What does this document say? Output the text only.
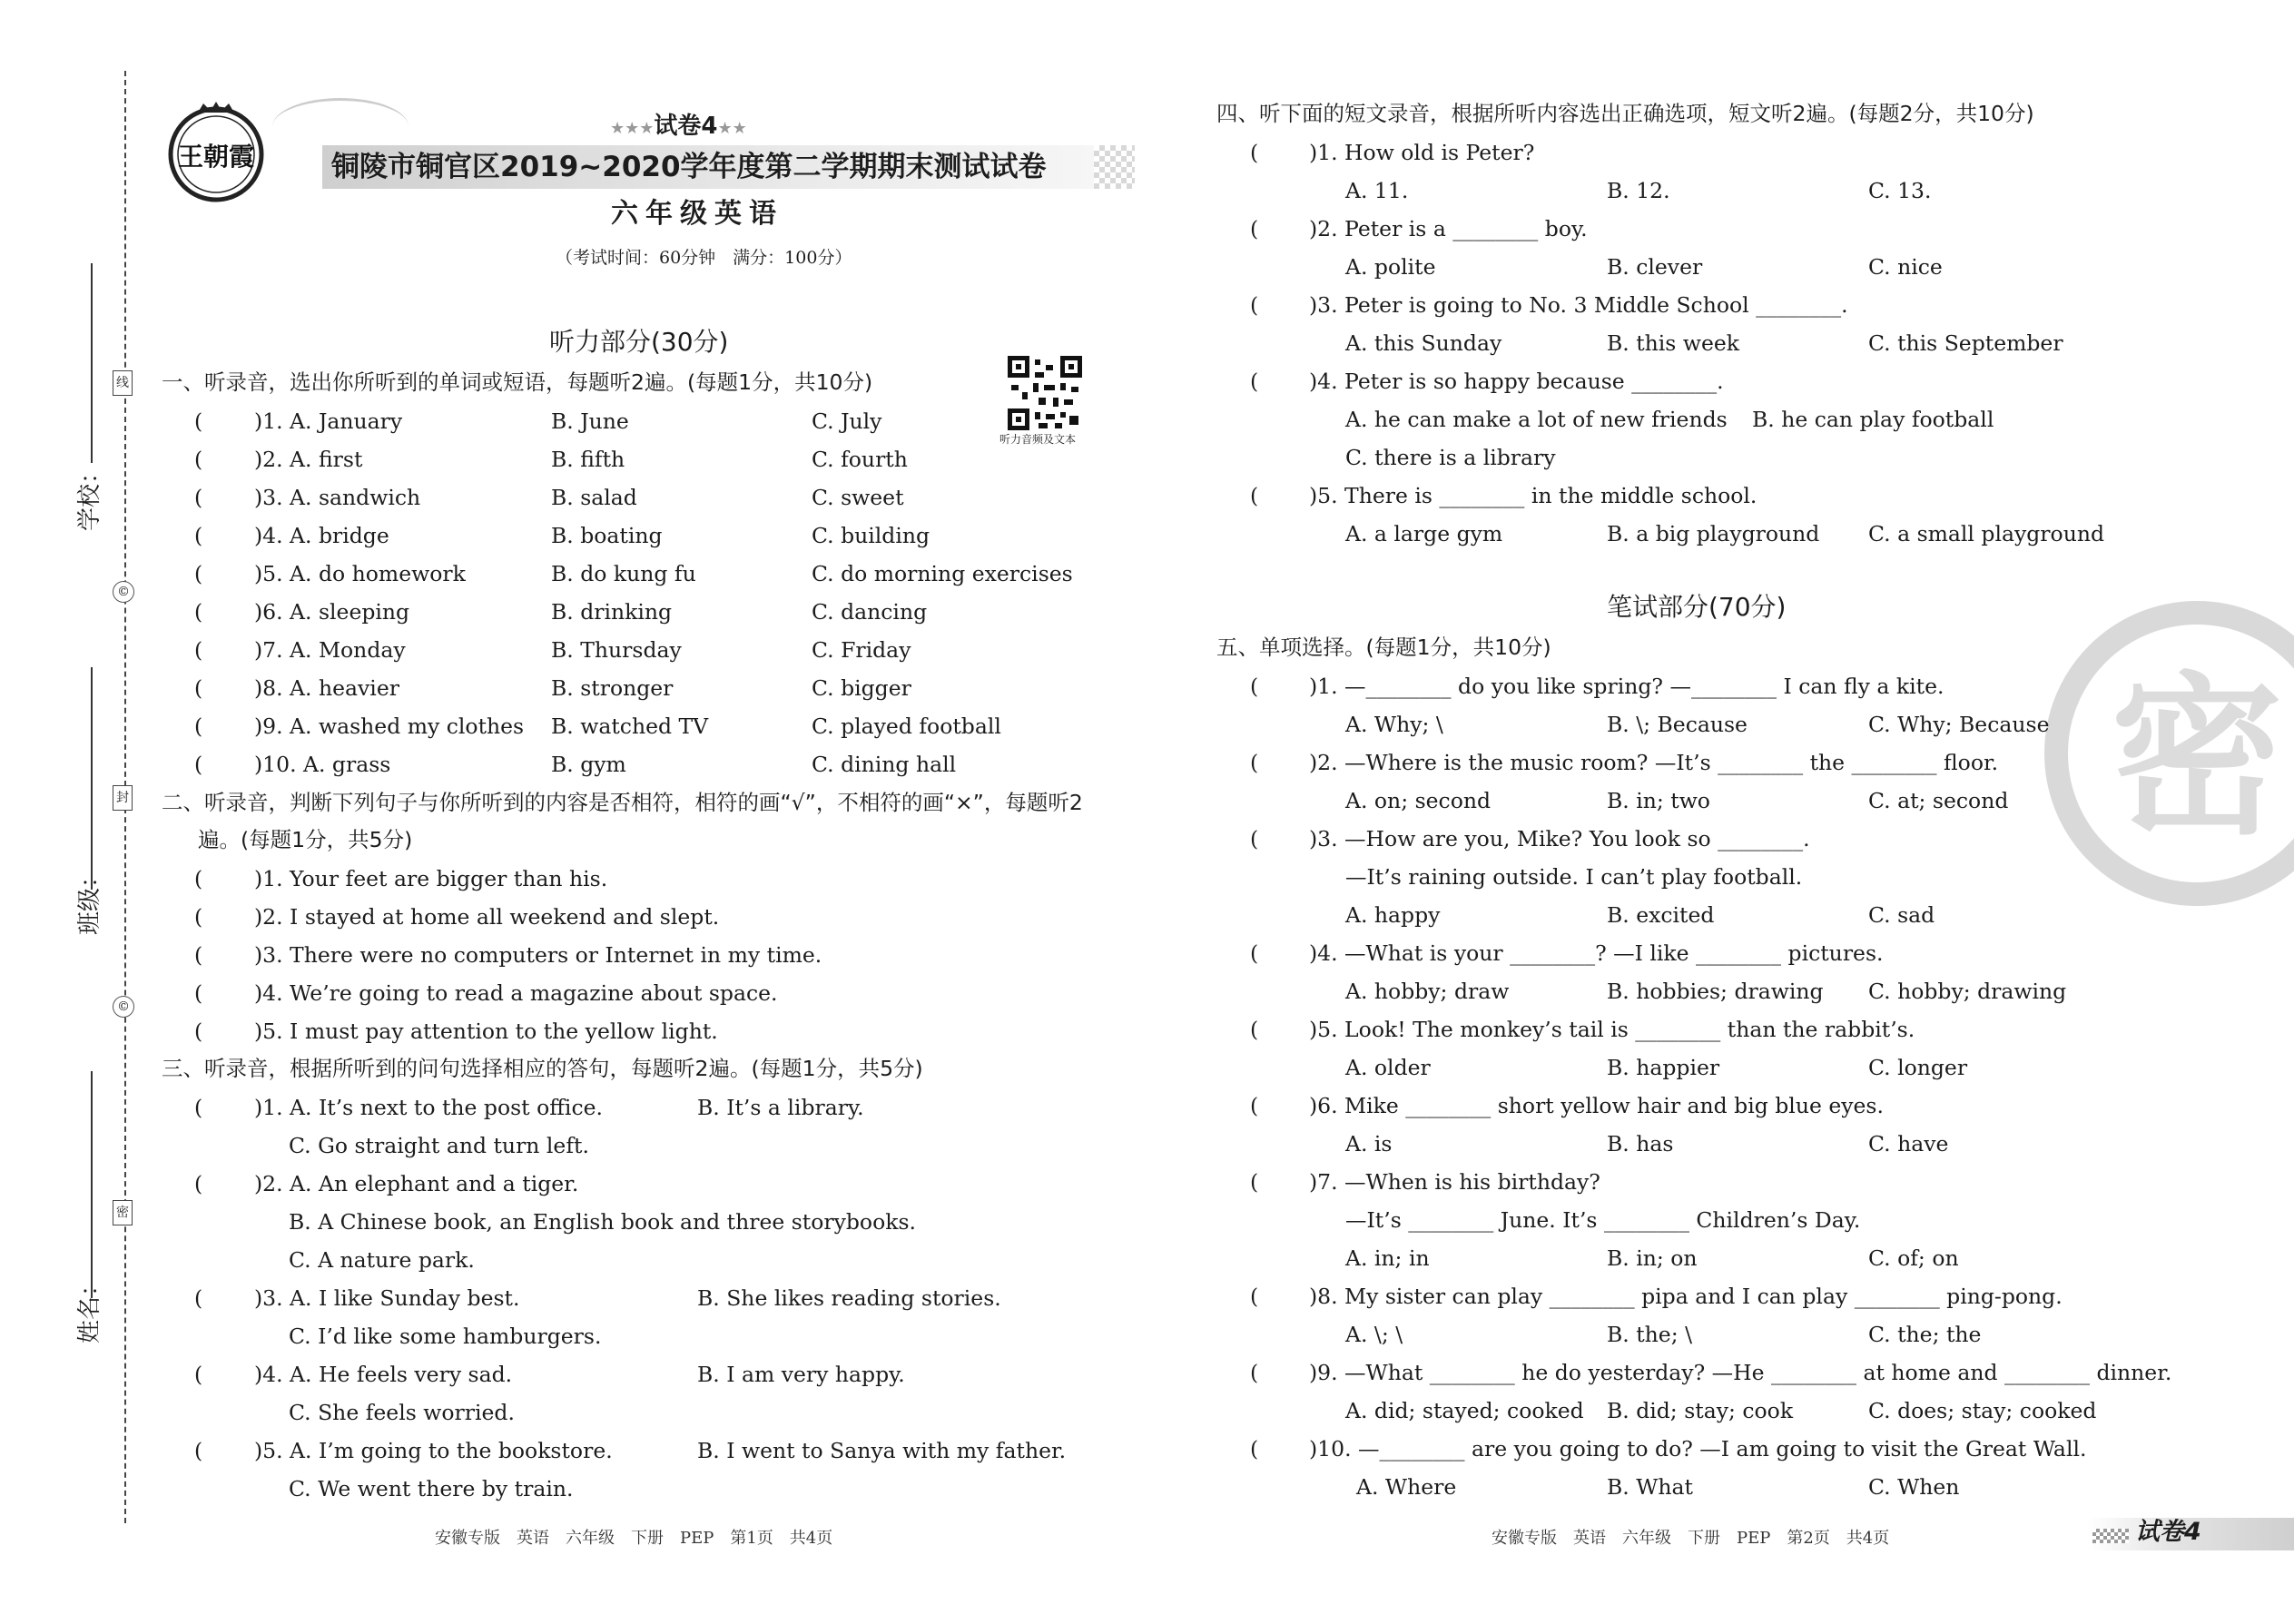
学校：
班级：
姓名：
线
封
密
©
©
王朝霞
★★★试卷4★★
铜陵市铜官区2019~2020学年度第二学期期末测试试卷
六年级英语
（考试时间：60分钟　满分：100分）
听力音频及文本
听力部分(30分)
一、听录音，选出你所听到的单词或短语，每题听2遍。(每题1分，共10分)
( )1. A. January	B. June	C. July
( )2. A. first	B. fifth	C. fourth
( )3. A. sandwich	B. salad	C. sweet
( )4. A. bridge	B. boating	C. building
( )5. A. do homework	B. do kung fu	C. do morning exercises
( )6. A. sleeping	B. drinking	C. dancing
( )7. A. Monday	B. Thursday	C. Friday
( )8. A. heavier	B. stronger	C. bigger
( )9. A. washed my clothes B. watched TV	C. played football
( )10. A. grass	B. gym	C. dining hall
二、听录音，判断下列句子与你所听到的内容是否相符，相符的画“√”，不相符的画“×”，每题听2
遍。(每题1分，共5分)
( )1. Your feet are bigger than his.
( )2. I stayed at home all weekend and slept.
( )3. There were no computers or Internet in my time.
( )4. We’re going to read a magazine about space.
( )5. I must pay attention to the yellow light.
三、听录音，根据所听到的问句选择相应的答句，每题听2遍。(每题1分，共5分)
( )1. A. It’s next to the post office.	B. It’s a library.
C. Go straight and turn left.
( )2. A. An elephant and a tiger.
B. A Chinese book, an English book and three storybooks.
C. A nature park.
( )3. A. I like Sunday best.	B. She likes reading stories.
C. I’d like some hamburgers.
( )4. A. He feels very sad.	B. I am very happy.
C. She feels worried.
( )5. A. I’m going to the bookstore.	B. I went to Sanya with my father.
C. We went there by train.
四、听下面的短文录音，根据所听内容选出正确选项，短文听2遍。(每题2分，共10分)
( )1. How old is Peter?
A. 11.	B. 12.	C. 13.
( )2. Peter is a ________ boy.
A. polite	B. clever	C. nice
( )3. Peter is going to No. 3 Middle School ________.
A. this Sunday	B. this week	C. this September
( )4. Peter is so happy because ________.
A. he can make a lot of new friends B. he can play football
C. there is a library
( )5. There is ________ in the middle school.
A. a large gym	B. a big playground C. a small playground
密
笔试部分(70分)
五、单项选择。(每题1分，共10分)
( )1. —________ do you like spring? —________ I can fly a kite.
A. Why; \	B. \; Because	C. Why; Because
( )2. —Where is the music room? —It’s ________ the ________ floor.
A. on; second	B. in; two	C. at; second
( )3. —How are you, Mike? You look so ________.
—It’s raining outside. I can’t play football.
A. happy	B. excited	C. sad
( )4. —What is your ________? —I like ________ pictures.
A. hobby; draw	B. hobbies; drawing C. hobby; drawing
( )5. Look! The monkey’s tail is ________ than the rabbit’s.
A. older	B. happier	C. longer
( )6. Mike ________ short yellow hair and big blue eyes.
A. is	B. has	C. have
( )7. —When is his birthday?
—It’s ________ June. It’s ________ Children’s Day.
A. in; in	B. in; on	C. of; on
( )8. My sister can play ________ pipa and I can play ________ ping-pong.
A. \; \	B. the; \	C. the; the
( )9. —What ________ he do yesterday? —He ________ at home and ________ dinner.
A. did; stayed; cooked B. did; stay; cook	C. does; stay; cooked
( )10. —________ are you going to do? —I am going to visit the Great Wall.
A. Where	B. What	C. When
安徽专版　英语　六年级　下册　PEP　第1页　共4页	安徽专版　英语　六年级　下册　PEP　第2页　共4页	试卷4
